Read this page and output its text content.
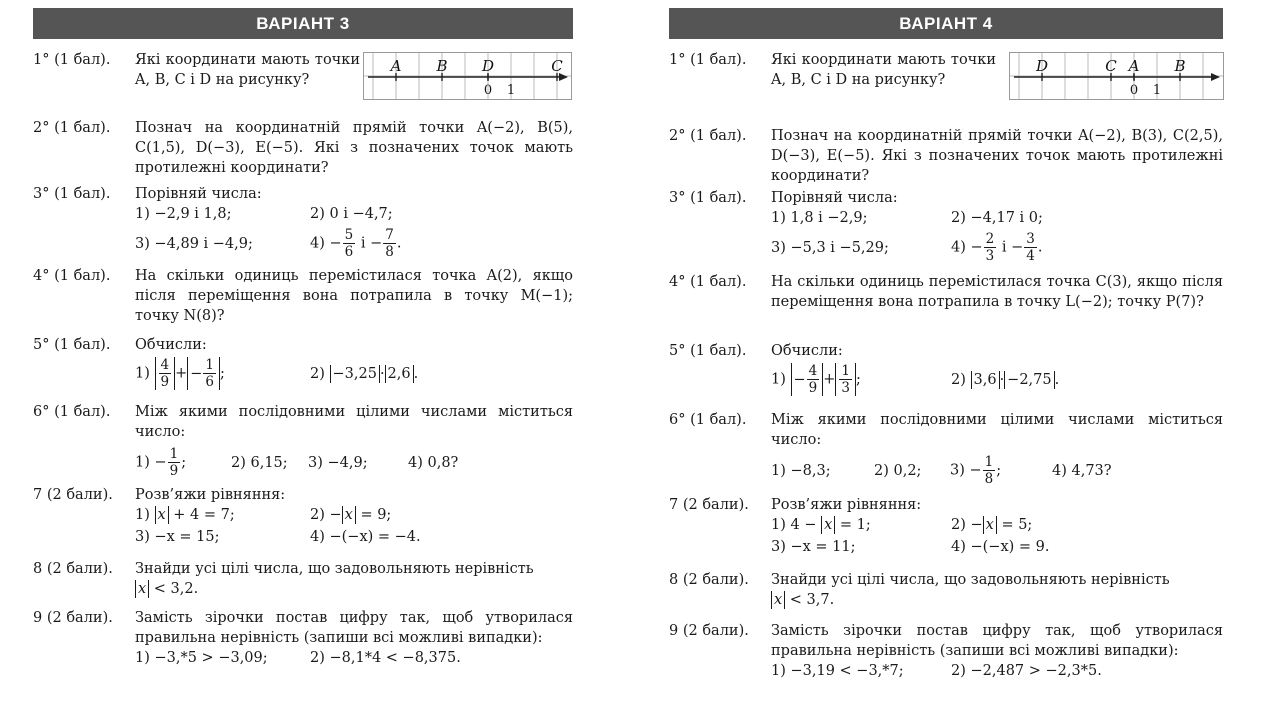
ВАРІАНТ 3
1° (1 бал).	Які координати мають точки A, B, C і D на рисунку?
A B D	C
0 1
2° (1 бал).	Познач на координатній прямій точки A(−2), B(5), C(1,5), D(−3), E(−5). Які з позначених точок мають протилежні координати?
3° (1 бал).	Порівняй числа:
1) −2,9 і 1,8;	2) 0 і −4,7;
3) −4,89 і −4,9;	$4) - \frac{5}{6}$ $і - \frac{7}{8}$ .
4° (1 бал).	На скільки одиниць перемістилася точка A(2), якщо після переміщення вона потрапила в точку M(−1); точку N(8)?
5° (1 бал).	Обчисли:
$1) \frac{4}{9}$ + − $\frac{1}{6}$ ;	2) −3,25 · 2,6 .
6° (1 бал).	Між якими послідовними цілими числами міститься число:
$1) - \frac{1}{9}$ ;	2) 6,15;	3) −4,9;	4) 0,8?
7 (2 бали).	Розв’яжи рівняння:
1) x + 4 = 7;	2) − x = 9;
3) −x = 15;	4) −(−x) = −4.
8 (2 бали).	Знайди усі цілі числа, що задовольняють нерівність
x < 3,2.
9 (2 бали).	Замість зірочки постав цифру так, щоб утворилася правильна нерівність (запиши всі можливі випадки):
1) −3,*5 > −3,09;	2) −8,1*4 < −8,375.
ВАРІАНТ 4
1° (1 бал).	Які координати мають точки A, B, C і D на рисунку?
D	C A B
0 1
2° (1 бал).	Познач на координатній прямій точки A(−2), B(3), C(2,5), D(−3), E(−5). Які з позначених точок мають протилежні координати?
3° (1 бал).	Порівняй числа:
1) 1,8 і −2,9;	2) −4,17 і 0;
3) −5,3 і −5,29;	$4) - \frac{2}{3}$ $і - \frac{3}{4}$ .
4° (1 бал).	На скільки одиниць перемістилася точка C(3), якщо після переміщення вона потрапила в точку L(−2); точку P(7)?
5° (1 бал).	Обчисли:
$1) - \frac{4}{9} + \frac{1}{3}$ ;	2) 3,6 · −2,75 .
6° (1 бал).	Між якими послідовними цілими числами міститься число:
1) −8,3;	2) 0,2;	$3) - \frac{1}{8}$ ;	4) 4,73?
7 (2 бали).	Розв’яжи рівняння:
1) 4 − x = 1;	2) − x = 5;
3) −x = 11;	4) −(−x) = 9.
8 (2 бали).	Знайди усі цілі числа, що задовольняють нерівність
x < 3,7.
9 (2 бали).	Замість зірочки постав цифру так, щоб утворилася правильна нерівність (запиши всі можливі випадки):
1) −3,19 < −3,*7;	2) −2,487 > −2,3*5.
